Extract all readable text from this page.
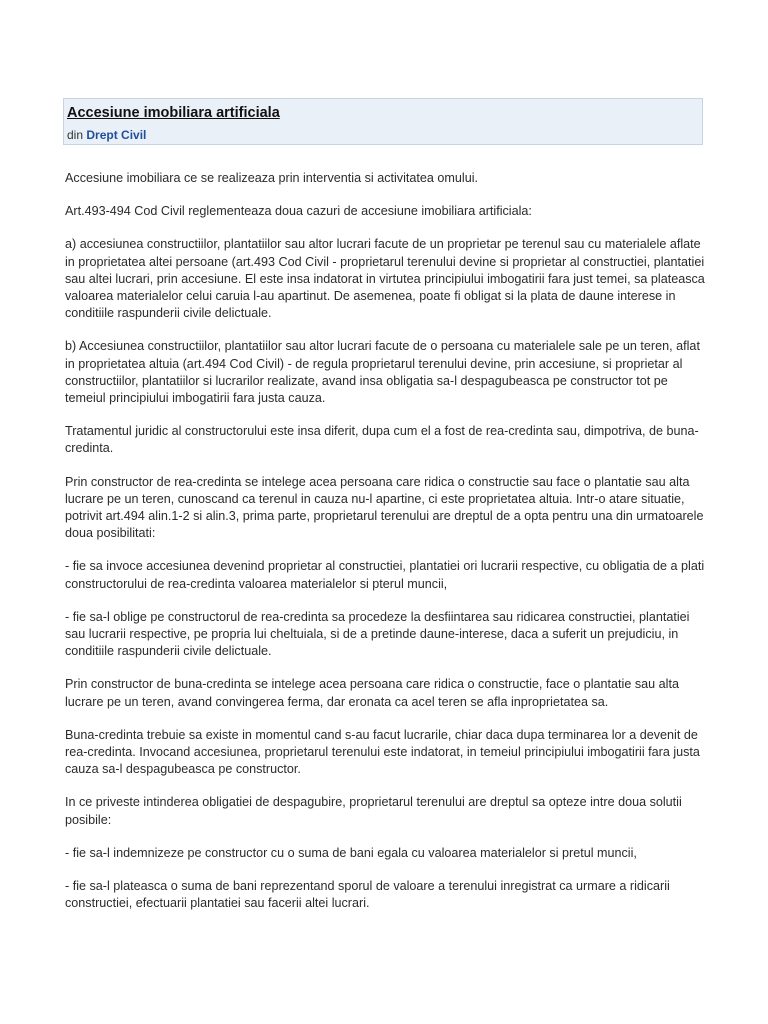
Accesiune imobiliara artificiala
din Drept Civil

Accesiune imobiliara ce se realizeaza prin interventia si activitatea omului.

Art.493-494 Cod Civil reglementeaza doua cazuri de accesiune imobiliara artificiala:

a) accesiunea constructiilor, plantatiilor sau altor lucrari facute de un proprietar pe terenul sau cu materialele aflate in proprietatea altei persoane (art.493 Cod Civil - proprietarul terenului devine si proprietar al constructiei, plantatiei sau altei lucrari, prin accesiune. El este insa indatorat in virtutea principiului imbogatirii fara just temei, sa plateasca valoarea materialelor celui caruia l-au apartinut. De asemenea, poate fi obligat si la plata de daune interese in conditiile raspunderii civile delictuale.

b) Accesiunea constructiilor, plantatiilor sau altor lucrari facute de o persoana cu materialele sale pe un teren, aflat in proprietatea altuia (art.494 Cod Civil) - de regula proprietarul terenului devine, prin accesiune, si proprietar al constructiilor, plantatiilor si lucrarilor realizate, avand insa obligatia sa-l despagubeasca pe constructor tot pe temeiul principiului imbogatirii fara justa cauza.

Tratamentul juridic al constructorului este insa diferit, dupa cum el a fost de rea-credinta sau, dimpotriva, de buna-credinta.

Prin constructor de rea-credinta se intelege acea persoana care ridica o constructie sau face o plantatie sau alta lucrare pe un teren, cunoscand ca terenul in cauza nu-l apartine, ci este proprietatea altuia. Intr-o atare situatie, potrivit art.494 alin.1-2 si alin.3, prima parte, proprietarul terenului are dreptul de a opta pentru una din urmatoarele doua posibilitati:

- fie sa invoce accesiunea devenind proprietar al constructiei, plantatiei ori lucrarii respective, cu obligatia de a plati constructorului de rea-credinta valoarea materialelor si pterul muncii,

- fie sa-l oblige pe constructorul de rea-credinta sa procedeze la desfiintarea sau ridicarea constructiei, plantatiei sau lucrarii respective, pe propria lui cheltuiala, si de a pretinde daune-interese, daca a suferit un prejudiciu, in conditiile raspunderii civile delictuale.

Prin constructor de buna-credinta se intelege acea persoana care ridica o constructie, face o plantatie sau alta lucrare pe un teren, avand convingerea ferma, dar eronata ca acel teren se afla inproprietatea sa.

Buna-credinta trebuie sa existe in momentul cand s-au facut lucrarile, chiar daca dupa terminarea lor a devenit de rea-credinta. Invocand accesiunea, proprietarul terenului este indatorat, in temeiul principiului imbogatirii fara justa cauza sa-l despagubeasca pe constructor.

In ce priveste intinderea obligatiei de despagubire, proprietarul terenului are dreptul sa opteze intre doua solutii posibile:

- fie sa-l indemnizeze pe constructor cu o suma de bani egala cu valoarea materialelor si pretul muncii,

- fie sa-l plateasca o suma de bani reprezentand sporul de valoare a terenului inregistrat ca urmare a ridicarii constructiei, efectuarii plantatiei sau facerii altei lucrari.
